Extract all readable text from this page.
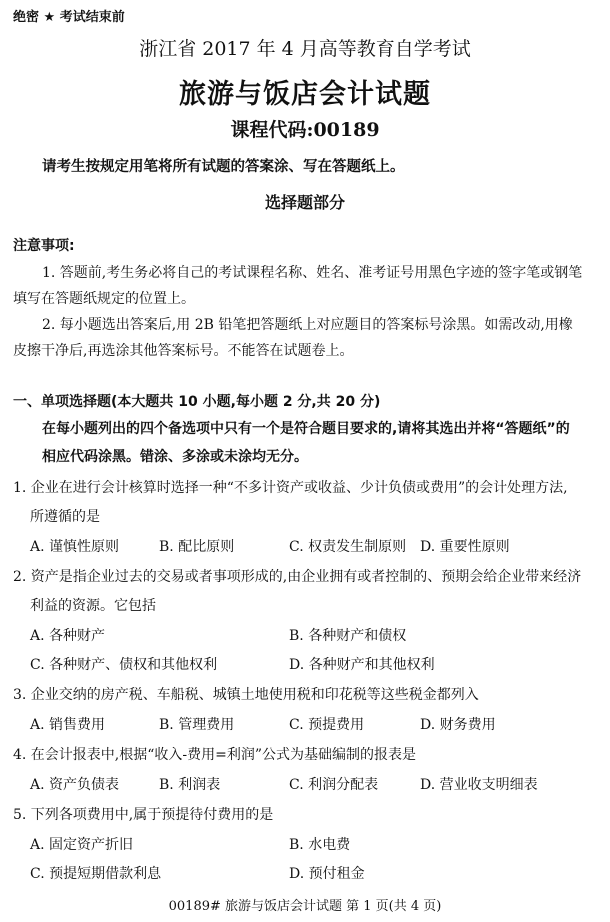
绝密 ★ 考试结束前
浙江省 2017 年 4 月高等教育自学考试
旅游与饭店会计试题
课程代码:00189
请考生按规定用笔将所有试题的答案涂、写在答题纸上。
选择题部分
注意事项:
1. 答题前,考生务必将自己的考试课程名称、姓名、准考证号用黑色字迹的签字笔或钢笔
填写在答题纸规定的位置上。
2. 每小题选出答案后,用 2B 铅笔把答题纸上对应题目的答案标号涂黑。如需改动,用橡
皮擦干净后,再选涂其他答案标号。不能答在试题卷上。
一、单项选择题(本大题共 10 小题,每小题 2 分,共 20 分)
在每小题列出的四个备选项中只有一个是符合题目要求的,请将其选出并将“答题纸”的
相应代码涂黑。错涂、多涂或未涂均无分。
1. 企业在进行会计核算时选择一种“不多计资产或收益、少计负债或费用”的会计处理方法,
所遵循的是
A. 谨慎性原则	B. 配比原则	C. 权责发生制原则 D. 重要性原则
2. 资产是指企业过去的交易或者事项形成的,由企业拥有或者控制的、预期会给企业带来经济
利益的资源。它包括
A. 各种财产	B. 各种财产和债权
C. 各种财产、债权和其他权利	D. 各种财产和其他权利
3. 企业交纳的房产税、车船税、城镇土地使用税和印花税等这些税金都列入
A. 销售费用	B. 管理费用	C. 预提费用	D. 财务费用
4. 在会计报表中,根据“收入-费用=利润”公式为基础编制的报表是
A. 资产负债表	B. 利润表	C. 利润分配表	D. 营业收支明细表
5. 下列各项费用中,属于预提待付费用的是
A. 固定资产折旧	B. 水电费
C. 预提短期借款利息	D. 预付租金
00189# 旅游与饭店会计试题 第 1 页(共 4 页)
